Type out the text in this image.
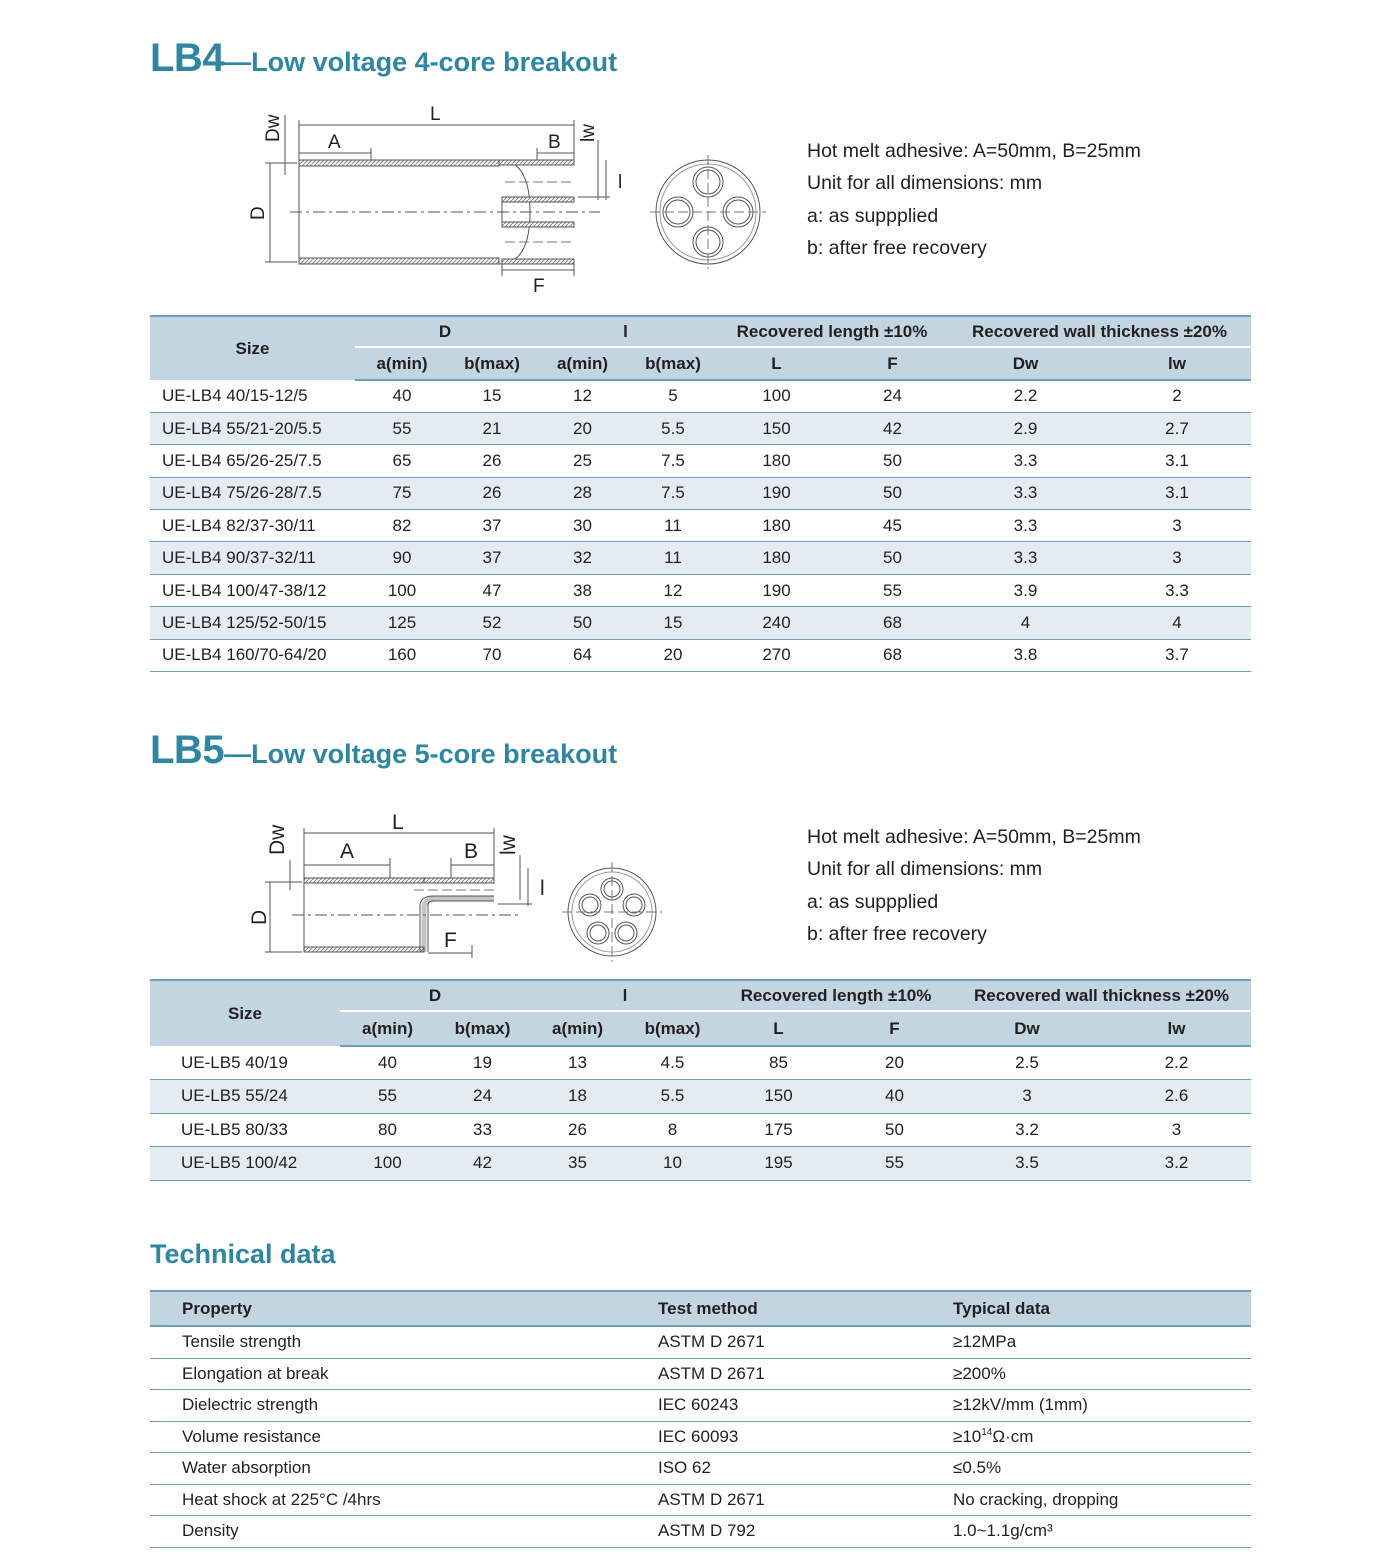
LB4—Low voltage 4-core breakout
L
A	B
F
l
Dw
D
lw
Hot melt adhesive: A=50mm, B=25mm
Unit for all dimensions: mm
a: as suppplied
b: after free recovery
Size	D		l		Recovered length ±10%		Recovered wall thickness ±20%	
	a(min)	b(max)	a(min)	b(max)	L	F	Dw	lw
UE-LB4 40/15-12/5	40	15	12	5	100	24	2.2	2
UE-LB4 55/21-20/5.5	55	21	20	5.5	150	42	2.9	2.7
UE-LB4 65/26-25/7.5	65	26	25	7.5	180	50	3.3	3.1
UE-LB4 75/26-28/7.5	75	26	28	7.5	190	50	3.3	3.1
UE-LB4 82/37-30/11	82	37	30	11	180	45	3.3	3
UE-LB4 90/37-32/11	90	37	32	11	180	50	3.3	3
UE-LB4 100/47-38/12	100	47	38	12	190	55	3.9	3.3
UE-LB4 125/52-50/15	125	52	50	15	240	68	4	4
UE-LB4 160/70-64/20	160	70	64	20	270	68	3.8	3.7
LB5—Low voltage 5-core breakout
L
A	B
F
l
Dw
D
lw	Hot melt adhesive: A=50mm, B=25mm
Unit for all dimensions: mm
a: as suppplied
b: after free recovery
Size	D		l		Recovered length ±10%		Recovered wall thickness ±20%	
	a(min)	b(max)	a(min)	b(max)	L	F	Dw	lw
UE-LB5 40/19	40	19	13	4.5	85	20	2.5	2.2
UE-LB5 55/24	55	24	18	5.5	150	40	3	2.6
UE-LB5 80/33	80	33	26	8	175	50	3.2	3
UE-LB5 100/42	100	42	35	10	195	55	3.5	3.2
Technical data
Property	Test method	Typical data
Tensile strength	ASTM D 2671	≥12MPa
Elongation at break	ASTM D 2671	≥200%
Dielectric strength	IEC 60243	≥12kV/mm (1mm)
Volume resistance	IEC 60093	$\ge 10^{14}\Omega\cdot cm$
Water absorption	ISO 62	≤0.5%
Heat shock at 225°C /4hrs	ASTM D 2671	No cracking, dropping
Density	ASTM D 792	1.0~1.1g/cm³
